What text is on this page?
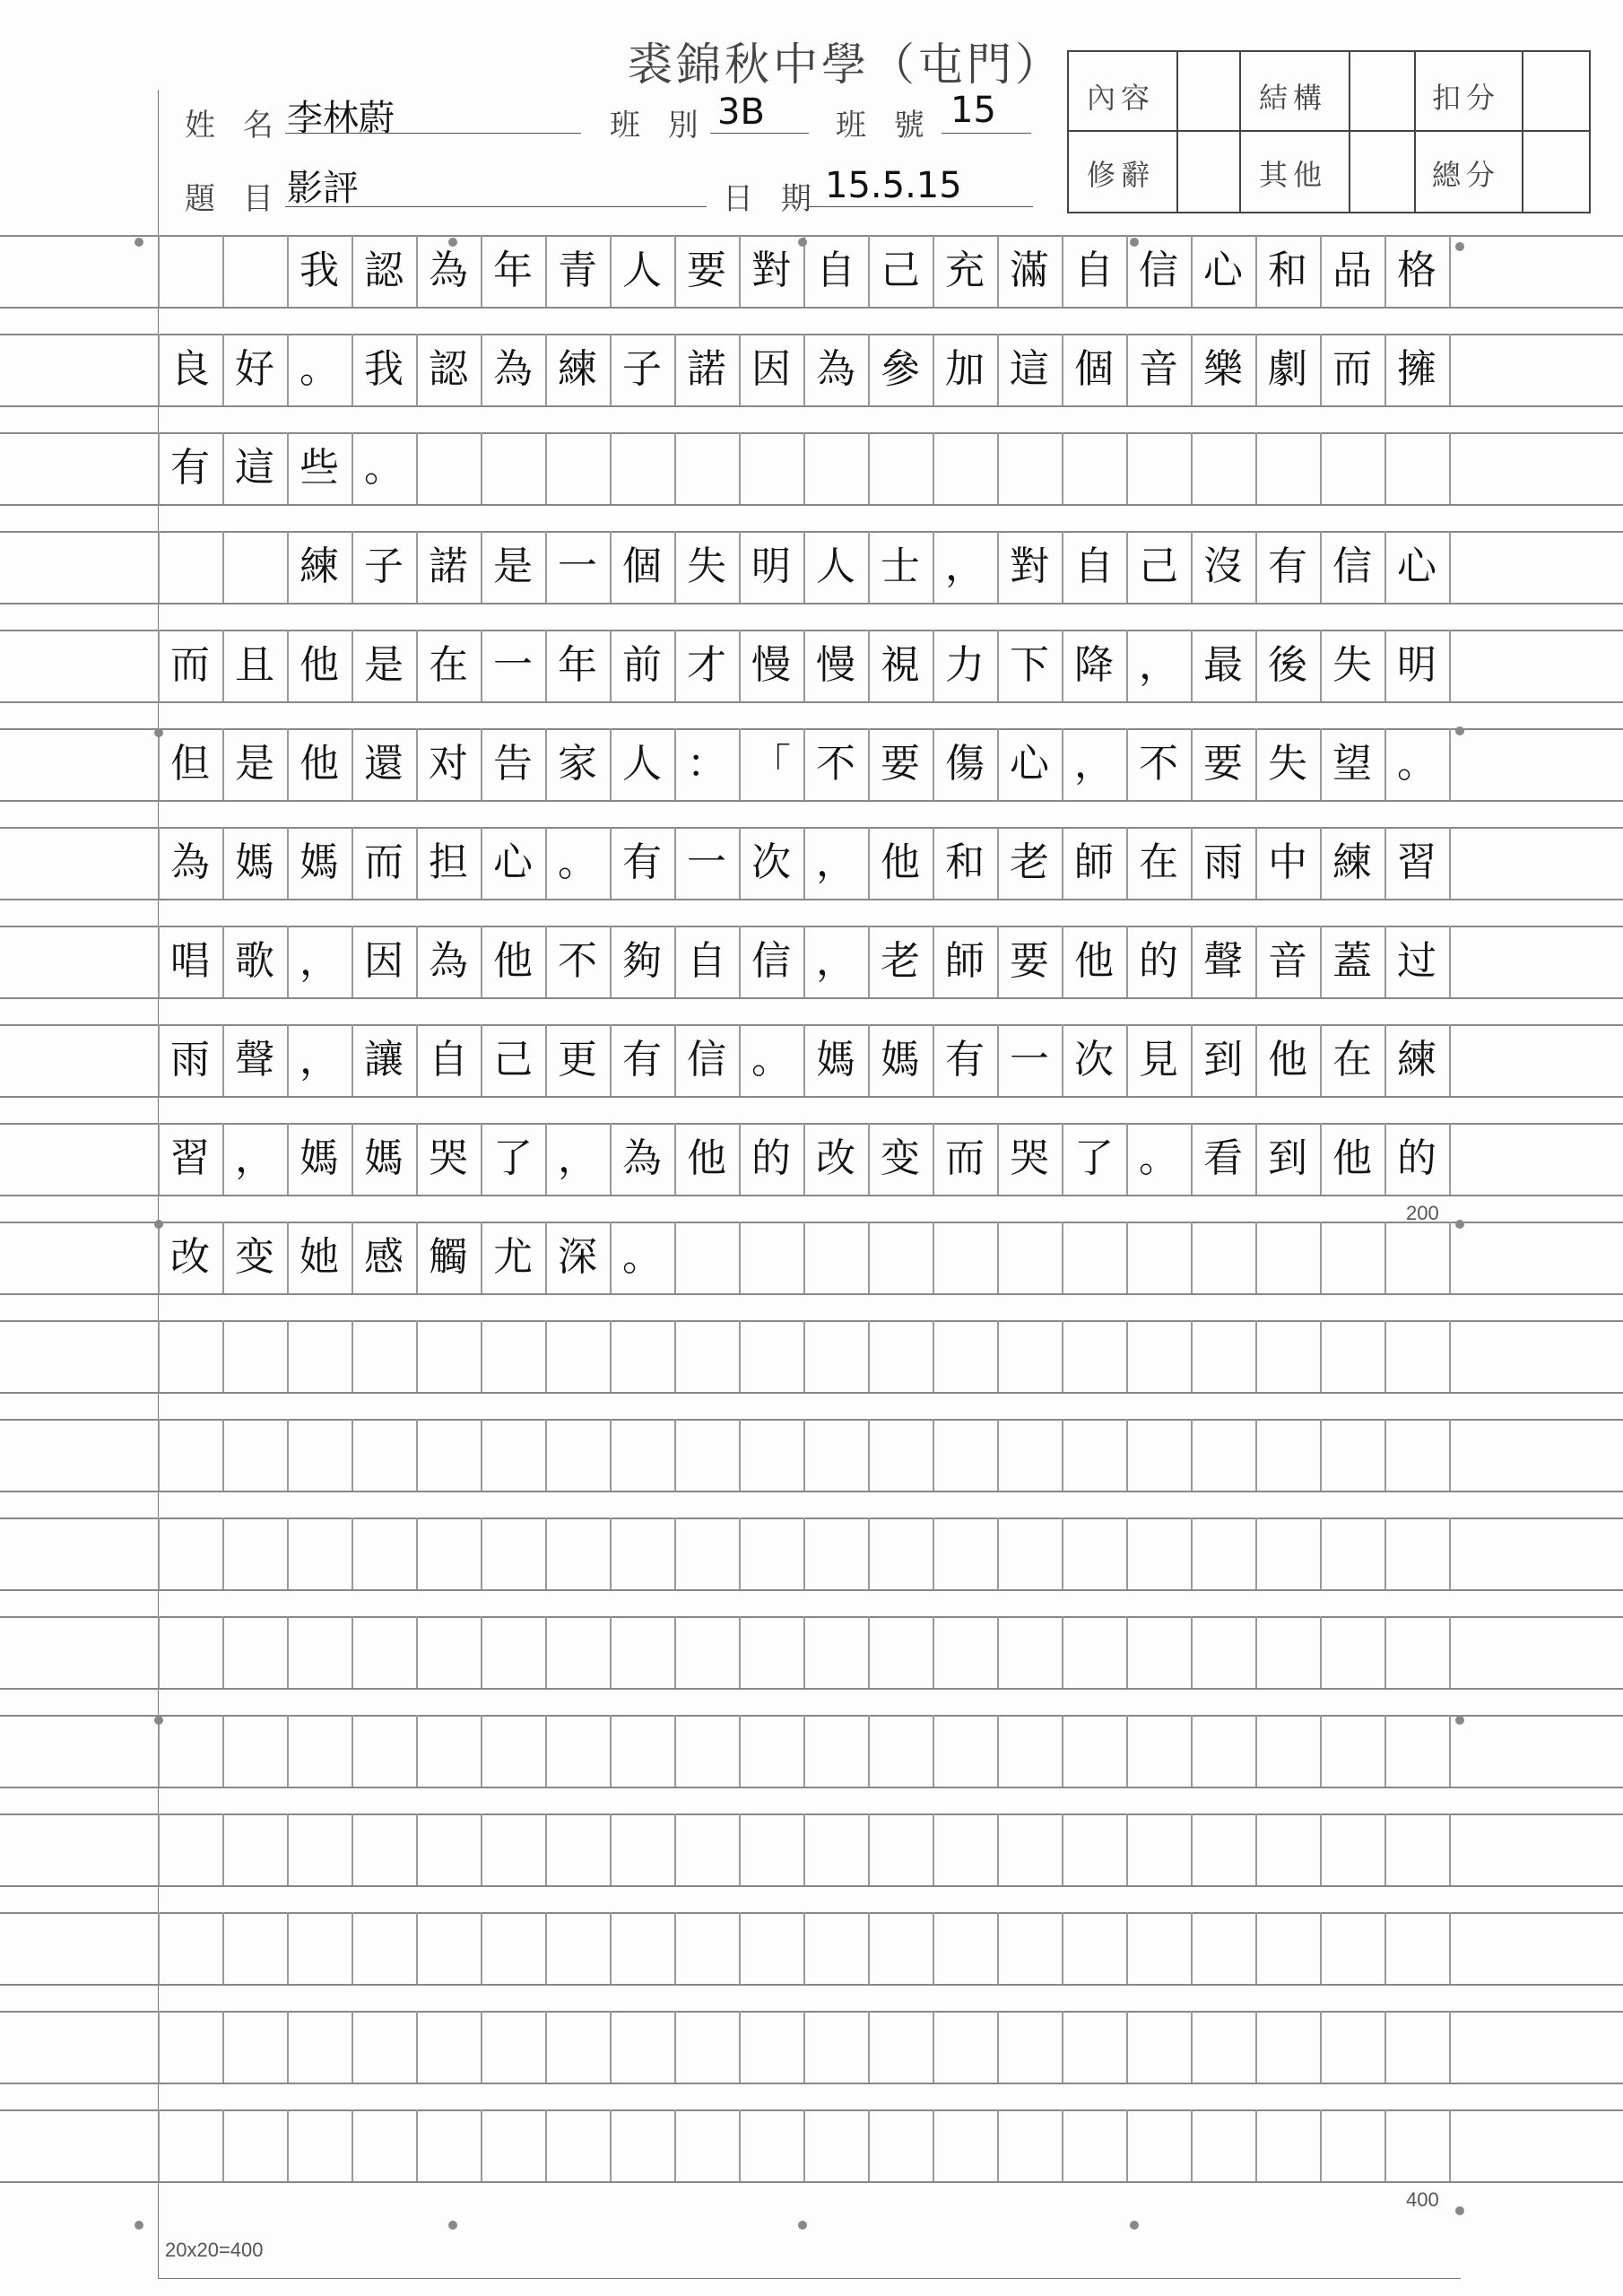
裘錦秋中學（屯門）
姓 名 李林蔚	班 別 3B 班 號 15
題 目 影評	日 期 15.5.15
內容	結構	扣分
修辭	其他	總分
我 認 為 年 青 人 要 對 自 己 充 滿 自 信 心 和 品 格
良 好 。 我 認 為 練 子 諾 因 為 參 加 這 個 音 樂 劇 而 擁
有 這 些 。
練 子 諾 是 一 個 失 明 人 士 ， 對 自 己 沒 有 信 心
而 且 他 是 在 一 年 前 才 慢 慢 視 力 下 降 ， 最 後 失 明
但 是 他 還 对 告 家 人 ： 「 不 要 傷 心 ， 不 要 失 望 。
為 媽 媽 而 担 心 。 有 一 次 ， 他 和 老 師 在 雨 中 練 習
唱 歌 ， 因 為 他 不 夠 自 信 ， 老 師 要 他 的 聲 音 蓋 过
雨 聲 ， 讓 自 己 更 有 信 。 媽 媽 有 一 次 見 到 他 在 練
習 ， 媽 媽 哭 了 ， 為 他 的 改 变 而 哭 了 。 看 到 他 的
改 变 她 感 觸 尤 深 。
200
400
20x20=400
